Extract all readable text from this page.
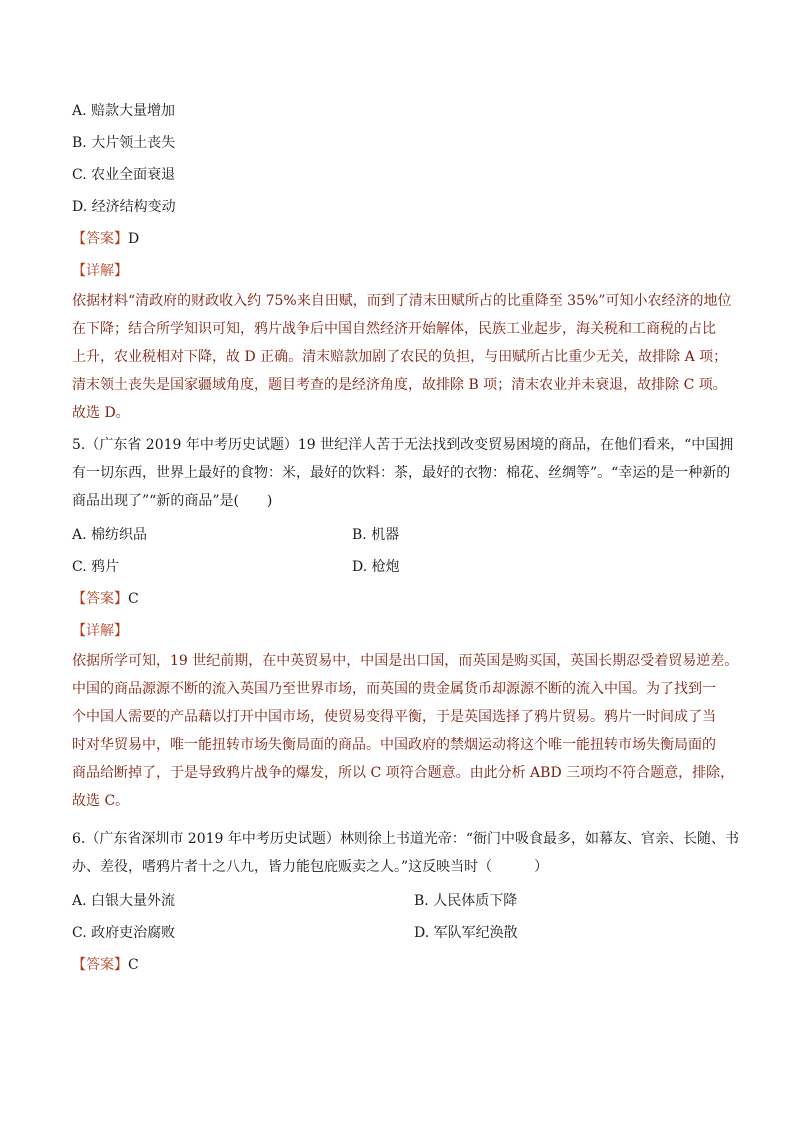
A. 赔款大量增加
B. 大片领土丧失
C. 农业全面衰退
D. 经济结构变动
【答案】D
【详解】
依据材料“清政府的财政收入约 75%来自田赋，而到了清末田赋所占的比重降至 35%”可知小农经济的地位
在下降；结合所学知识可知，鸦片战争后中国自然经济开始解体，民族工业起步，海关税和工商税的占比
上升，农业税相对下降，故 D 正确。清末赔款加剧了农民的负担，与田赋所占比重少无关，故排除 A 项；
清末领土丧失是国家疆域角度，题目考查的是经济角度，故排除 B 项；清末农业并未衰退，故排除 C 项。
故选 D。
5.（广东省 2019 年中考历史试题）19 世纪洋人苦于无法找到改变贸易困境的商品，在他们看来，“中国拥
有一切东西，世界上最好的食物：米，最好的饮料：茶，最好的衣物：棉花、丝绸等”。“幸运的是一种新的
商品出现了”“新的商品”是(　　)
A. 棉纺织品	B. 机器
C. 鸦片	D. 枪炮
【答案】C
【详解】
依据所学可知，19 世纪前期，在中英贸易中，中国是出口国，而英国是购买国，英国长期忍受着贸易逆差。
中国的商品源源不断的流入英国乃至世界市场，而英国的贵金属货币却源源不断的流入中国。为了找到一
个中国人需要的产品藉以打开中国市场，使贸易变得平衡，于是英国选择了鸦片贸易。鸦片一时间成了当
时对华贸易中，唯一能扭转市场失衡局面的商品。中国政府的禁烟运动将这个唯一能扭转市场失衡局面的
商品给断掉了，于是导致鸦片战争的爆发，所以 C 项符合题意。由此分析 ABD 三项均不符合题意，排除，
故选 C。
6.（广东省深圳市 2019 年中考历史试题）林则徐上书道光帝：“衙门中吸食最多，如幕友、官亲、长随、书
办、差役，嗜鸦片者十之八九，皆力能包庇贩卖之人。”这反映当时（　　　）
A. 白银大量外流	B. 人民体质下降
C. 政府吏治腐败	D. 军队军纪涣散
【答案】C
